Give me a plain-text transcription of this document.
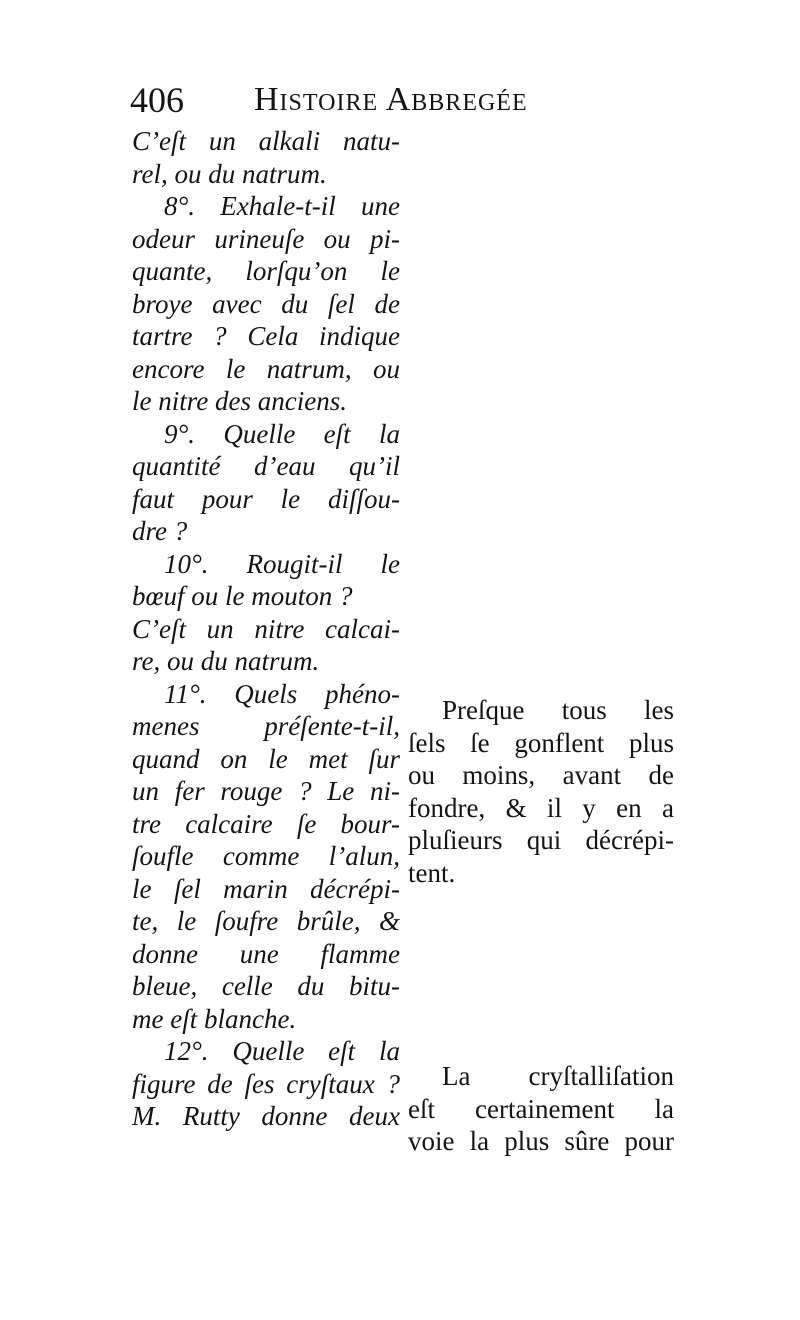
406 Histoire Abbregée
C’eſt un alkali natu-
rel, ou du natrum.
8°. Exhale-t-il une
odeur urineuſe ou pi-
quante, lorſqu’on le
broye avec du ſel de
tartre ? Cela indique
encore le natrum, ou
le nitre des anciens.
9°. Quelle eſt la
quantité d’eau qu’il
faut pour le diſſou-
dre ?
10°. Rougit-il le
bœuf ou le mouton ?
C’eſt un nitre calcai-
re, ou du natrum.
11°. Quels phéno-
menes préſente-t-il,
quand on le met ſur
un fer rouge ? Le ni-
tre calcaire ſe bour-
ſoufle comme l’alun,
le ſel marin décrépi-
te, le ſoufre brûle, &
donne une flamme
bleue, celle du bitu-
me eſt blanche.
12°. Quelle eſt la
figure de ſes cryſtaux ?
M. Rutty donne deux
Preſque tous les
ſels ſe gonflent plus
ou moins, avant de
fondre, & il y en a
pluſieurs qui décrépi-
tent.
La cryſtalliſation
eſt certainement la
voie la plus sûre pour
